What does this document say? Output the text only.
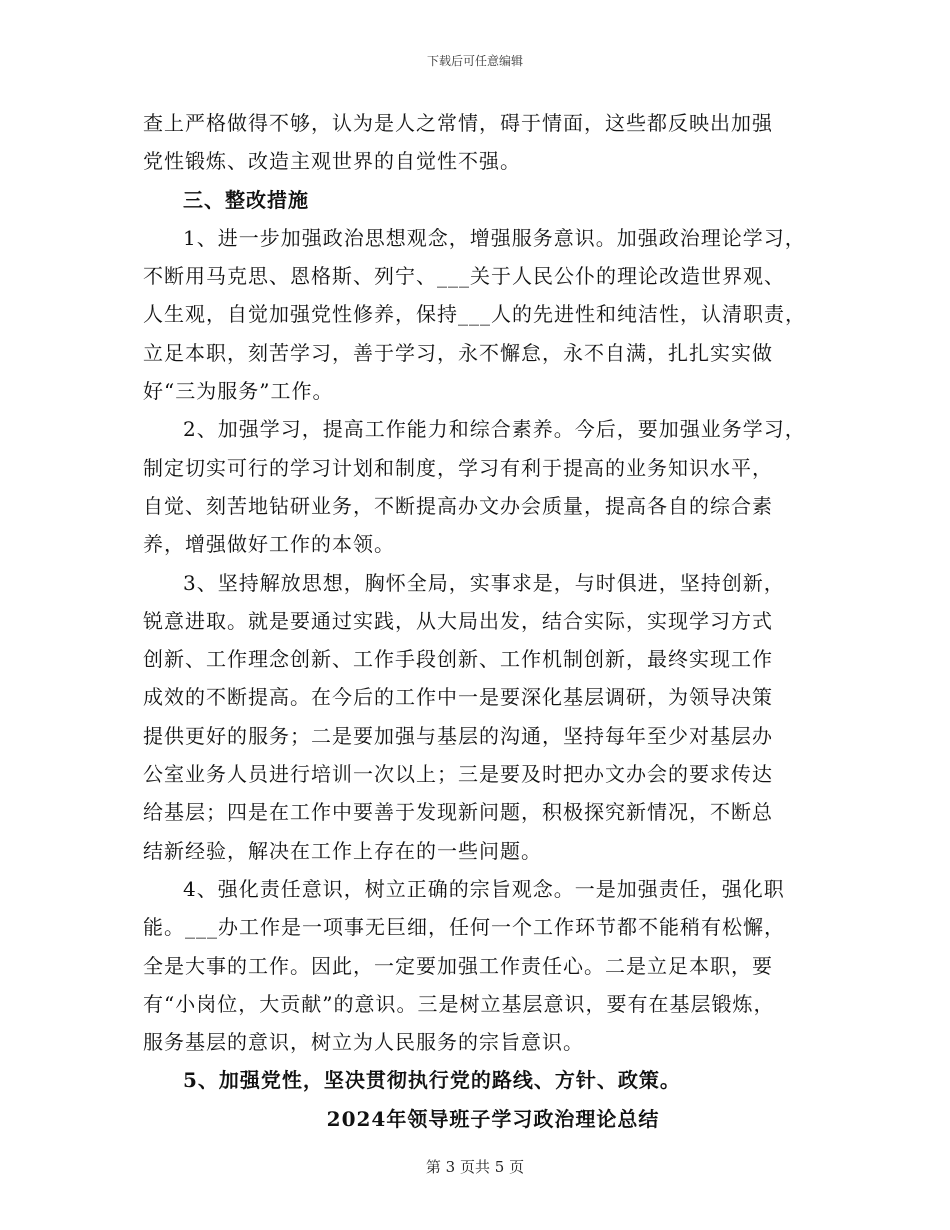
下载后可任意编辑
查上严格做得不够，认为是人之常情，碍于情面，这些都反映出加强
党性锻炼、改造主观世界的自觉性不强。
三、整改措施
1、进一步加强政治思想观念，增强服务意识。加强政治理论学习，
不断用马克思、恩格斯、列宁、___关于人民公仆的理论改造世界观、
人生观，自觉加强党性修养，保持___人的先进性和纯洁性，认清职责，
立足本职，刻苦学习，善于学习，永不懈怠，永不自满，扎扎实实做
好“三为服务”工作。
2、加强学习，提高工作能力和综合素养。今后，要加强业务学习，
制定切实可行的学习计划和制度，学习有利于提高的业务知识水平，
自觉、刻苦地钻研业务，不断提高办文办会质量，提高各自的综合素
养，增强做好工作的本领。
3、坚持解放思想，胸怀全局，实事求是，与时俱进，坚持创新，
锐意进取。就是要通过实践，从大局出发，结合实际，实现学习方式
创新、工作理念创新、工作手段创新、工作机制创新，最终实现工作
成效的不断提高。在今后的工作中一是要深化基层调研，为领导决策
提供更好的服务；二是要加强与基层的沟通，坚持每年至少对基层办
公室业务人员进行培训一次以上；三是要及时把办文办会的要求传达
给基层；四是在工作中要善于发现新问题，积极探究新情况，不断总
结新经验，解决在工作上存在的一些问题。
4、强化责任意识，树立正确的宗旨观念。一是加强责任，强化职
能。___办工作是一项事无巨细，任何一个工作环节都不能稍有松懈，
全是大事的工作。因此，一定要加强工作责任心。二是立足本职，要
有“小岗位，大贡献”的意识。三是树立基层意识，要有在基层锻炼，
服务基层的意识，树立为人民服务的宗旨意识。
5、加强党性，坚决贯彻执行党的路线、方针、政策。
2024年领导班子学习政治理论总结
第 3 页共 5 页
